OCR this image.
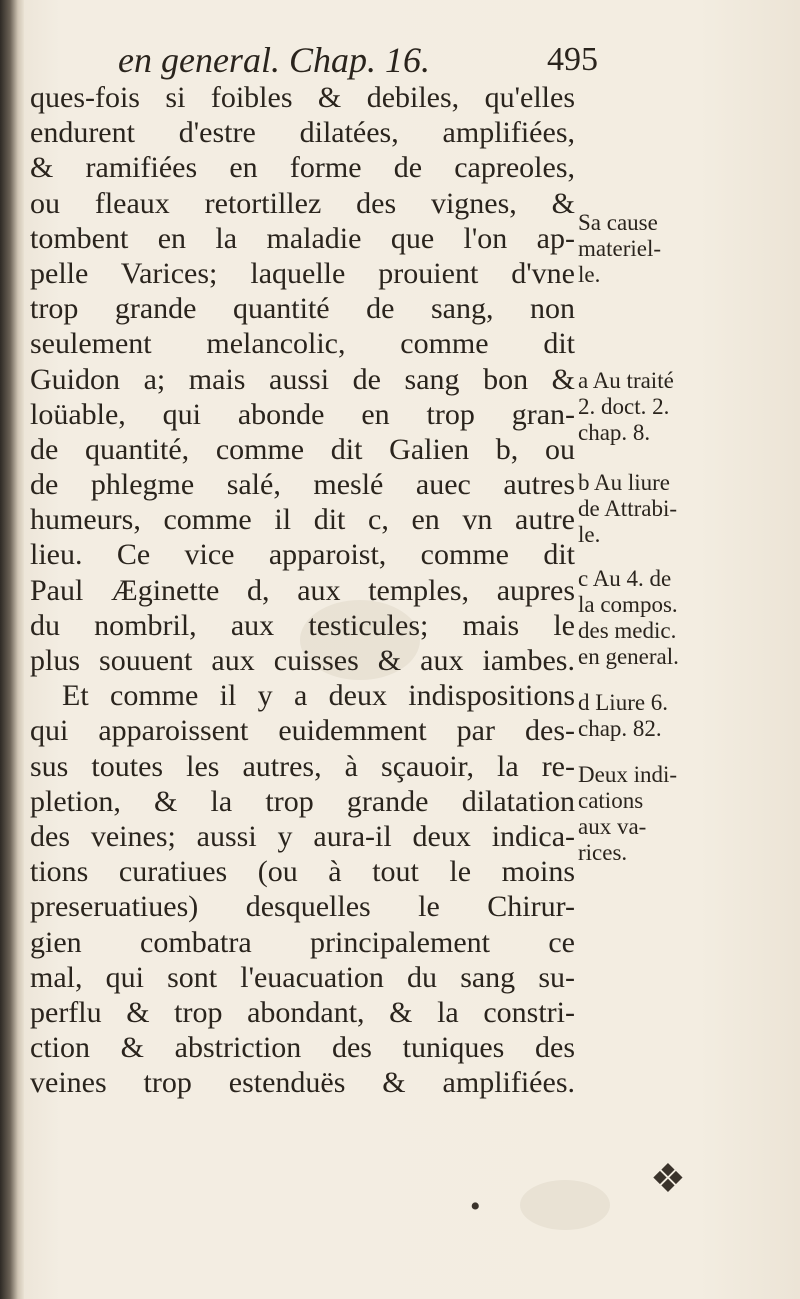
en general. Chap. 16.	495
ques-fois si foibles & debiles, qu'elles
endurent d'estre dilatées, amplifiées,
& ramifiées en forme de capreoles,
ou fleaux retortillez des vignes, &
tombent en la maladie que l'on ap-
pelle Varices; laquelle prouient d'vne
trop grande quantité de sang, non
seulement melancolic, comme dit
Guidon a; mais aussi de sang bon &
loüable, qui abonde en trop gran-
de quantité, comme dit Galien b, ou
de phlegme salé, meslé auec autres
humeurs, comme il dit c, en vn autre
lieu. Ce vice apparoist, comme dit
Paul Æginette d, aux temples, aupres
du nombril, aux testicules; mais le
plus souuent aux cuisses & aux iambes.
Et comme il y a deux indispositions
qui apparoissent euidemment par des-
sus toutes les autres, à sçauoir, la re-
pletion, & la trop grande dilatation
des veines; aussi y aura-il deux indica-
tions curatiues (ou à tout le moins
preseruatiues) desquelles le Chirur-
gien combatra principalement ce
mal, qui sont l'euacuation du sang su-
perflu & trop abondant, & la constri-
ction & abstriction des tuniques des
veines trop estenduës & amplifiées.
Sa cause
materiel-
le.
a Au traité
2. doct. 2.
chap. 8.
b Au liure
de Attrabi-
le.
c Au 4. de
la compos.
des medic.
en general.
d Liure 6.
chap. 82.
Deux indi-
cations
aux va-
rices.
❖
•
